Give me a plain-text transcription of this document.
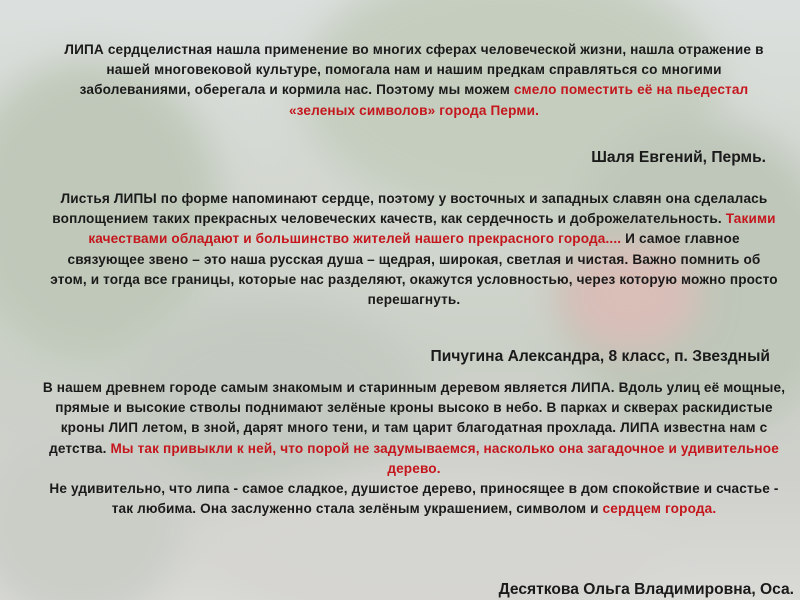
ЛИПА сердцелистная нашла применение во многих сферах человеческой жизни, нашла отражение в нашей многовековой культуре, помогала нам и нашим предкам справляться со многими заболеваниями, оберегала и кормила нас. Поэтому мы можем смело поместить её на пьедестал «зеленых символов» города Перми.

Шаля Евгений, Пермь.

Листья ЛИПЫ по форме напоминают сердце, поэтому у восточных и западных славян она сделалась воплощением таких прекрасных человеческих качеств, как сердечность и доброжелательность. Такими качествами обладают и большинство жителей нашего прекрасного города.... И самое главное связующее звено – это наша русская душа – щедрая, широкая, светлая и чистая. Важно помнить об этом, и тогда все границы, которые нас разделяют, окажутся условностью, через которую можно просто перешагнуть.

Пичугина Александра, 8 класс, п. Звездный

В нашем древнем городе самым знакомым и старинным деревом является ЛИПА. Вдоль улиц её мощные, прямые и высокие стволы поднимают зелёные кроны высоко в небо. В парках и скверах раскидистые кроны ЛИП летом, в зной, дарят много тени, и там царит благодатная прохлада. ЛИПА известна нам с детства. Мы так привыкли к ней, что порой не задумываемся, насколько она загадочное и удивительное дерево.
Не удивительно, что липа - самое сладкое, душистое дерево, приносящее в дом спокойствие и счастье - так любима. Она заслуженно стала зелёным украшением, символом и сердцем города.

Десяткова Ольга Владимировна, Оса.
